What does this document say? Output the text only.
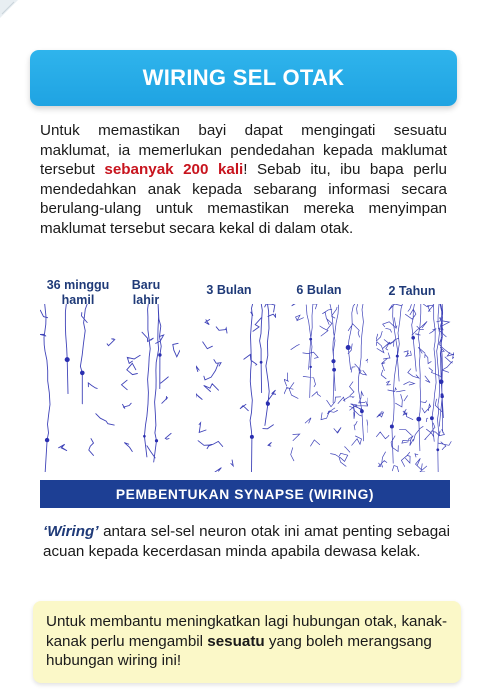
WIRING SEL OTAK

Untuk memastikan bayi dapat mengingati sesuatu maklumat, ia memerlukan pendedahan kepada maklumat tersebut sebanyak 200 kali! Sebab itu, ibu bapa perlu mendedahkan anak kepada sebarang informasi secara berulang-ulang untuk memastikan mereka menyimpan maklumat tersebut secara kekal di dalam otak.

36 minggu
hamil
Baru
lahir
3 Bulan	6 Bulan	2 Tahun
PEMBENTUKAN SYNAPSE (WIRING)

‘Wiring’ antara sel-sel neuron otak ini amat penting sebagai acuan kepada kecerdasan minda apabila dewasa kelak.

Untuk membantu meningkatkan lagi hubungan otak, kanak-kanak perlu mengambil sesuatu yang boleh merangsang hubungan wiring ini!
